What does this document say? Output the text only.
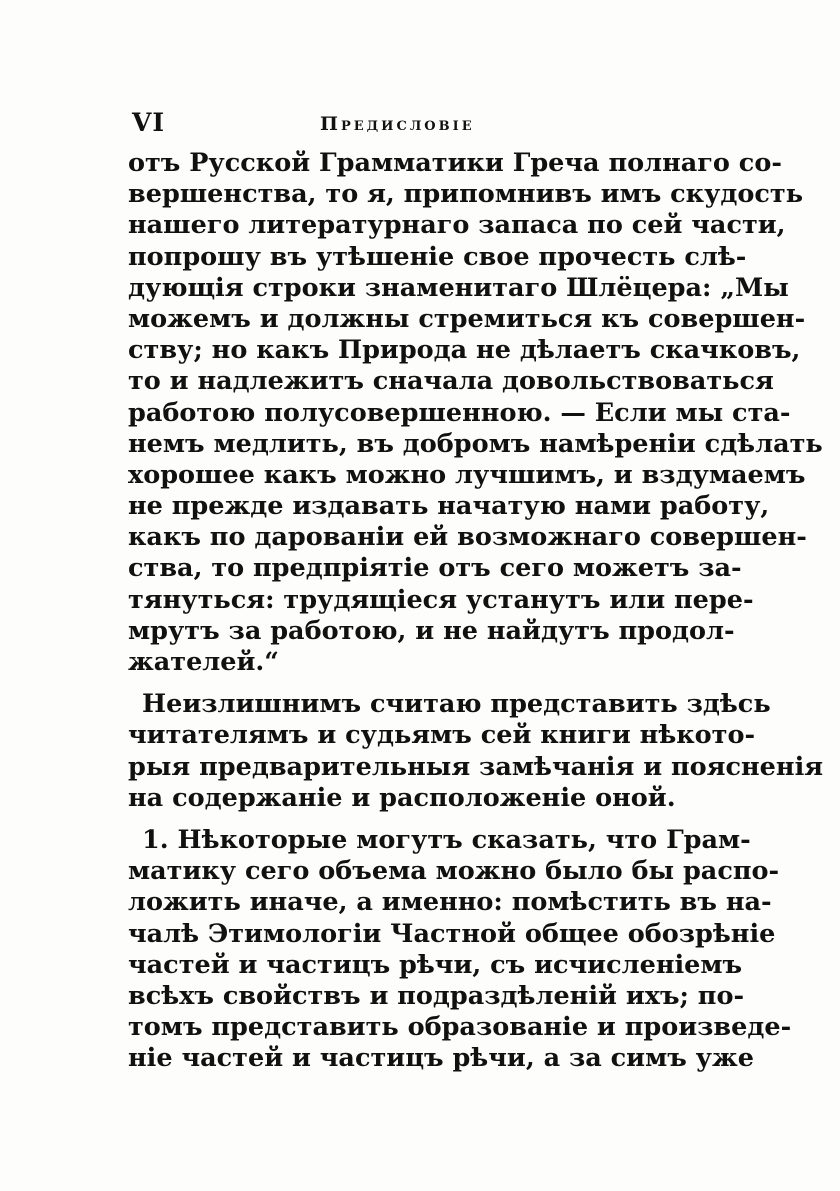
VI	Предисловіе
отъ Русской Грамматики Греча полнаго со-
вершенства, то я, припомнивъ имъ скудость
нашего литературнаго запаса по сей части,
попрошу въ утѣшеніе свое прочесть слѣ-
дующія строки знаменитаго Шлёцера: „Мы
можемъ и должны стремиться къ совершен-
ству; но какъ Природа не дѣлаетъ скачковъ,
то и надлежитъ сначала довольствоваться
работою полусовершенною. — Если мы ста-
немъ медлить, въ добромъ намѣреніи сдѣлать
хорошее какъ можно лучшимъ, и вздумаемъ
не прежде издавать начатую нами работу,
какъ по дарованіи ей возможнаго совершен-
ства, то предпріятіе отъ сего можетъ за-
тянуться: трудящіеся устанутъ или пере-
мрутъ за работою, и не найдутъ продол-
жателей.“
Неизлишнимъ считаю представить здѣсь
читателямъ и судьямъ сей книги нѣкото-
рыя предварительныя замѣчанія и поясненія
на содержаніе и расположеніе оной.
1. Нѣкоторые могутъ сказать, что Грам-
матику сего объема можно было бы распо-
ложить иначе, а именно: помѣстить въ на-
чалѣ Этимологіи Частной общее обозрѣніе
частей и частицъ рѣчи, съ исчисленіемъ
всѣхъ свойствъ и подраздѣленій ихъ; по-
томъ представить образованіе и произведе-
ніе частей и частицъ рѣчи, а за симъ уже
